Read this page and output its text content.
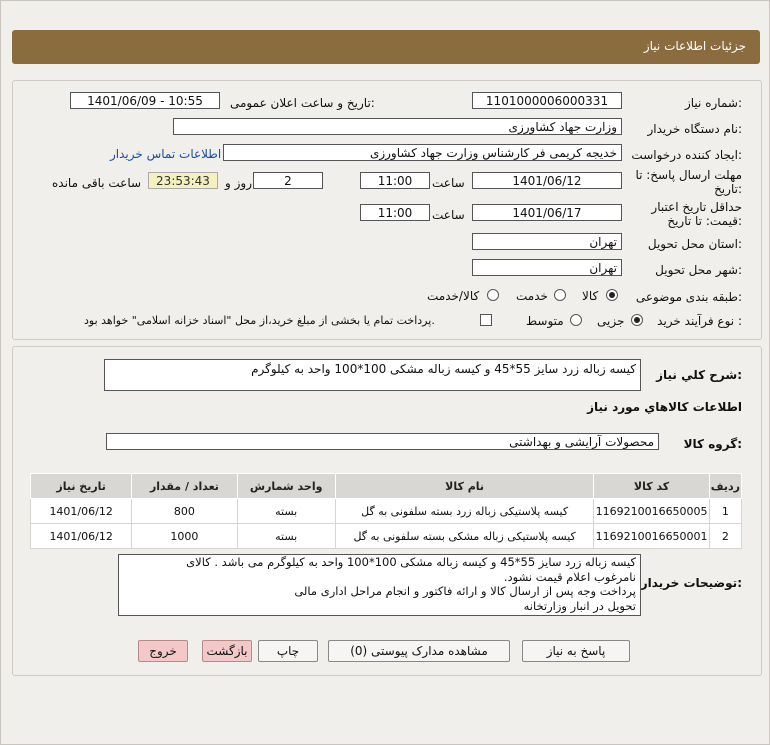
جزئیات اطلاعات نیاز
شماره نیاز:
1101000006000331
تاریخ و ساعت اعلان عمومی:
1401/06/09 - 10:55
نام دستگاه خریدار:
وزارت جهاد کشاورزی
ایجاد کننده درخواست:
خدیجه کریمی فر کارشناس وزارت جهاد کشاورزی
اطلاعات تماس خریدار
مهلت ارسال پاسخ: تا
تاریخ:
1401/06/12
ساعت
11:00
2
روز و
23:53:43
ساعت باقی مانده
حداقل تاریخ اعتبار
قیمت: تا تاریخ:
1401/06/17
ساعت
11:00
استان محل تحویل:
تهران
شهر محل تحویل:
تهران
طبقه بندی موضوعی:
کالا
خدمت
کالا/خدمت
نوع فرآیند خرید :
جزیی
متوسط
پرداخت تمام یا بخشی از مبلغ خرید،از محل "اسناد خزانه اسلامی" خواهد بود.
شرح کلي نياز:
کیسه زباله زرد سایز 55*45 و کیسه زباله مشکی 100*100 واحد به کیلوگرم
اطلاعات کالاهاي مورد نياز
گروه کالا:
محصولات آرایشی و بهداشتی
ردیف	کد کالا	نام کالا	واحد شمارش	تعداد / مقدار	تاریخ نیاز
1	1169210016650005	کیسه پلاستیکی زباله زرد بسته سلفونی به گل	بسته	800	1401/06/12
2	1169210016650001	کیسه پلاستیکی زباله مشکی بسته سلفونی به گل	بسته	1000	1401/06/12
توضیحات خریدار:
کیسه زباله زرد سایز 55*45 و کیسه زباله مشکی 100*100 واحد به کیلوگرم می باشد . کالای
نامرغوب اعلام قیمت نشود.
پرداخت وجه پس از ارسال کالا و ارائه فاکتور و انجام مراحل اداری مالی
تحویل در انبار وزارتخانه
پاسخ به نیاز
مشاهده مدارک پیوستی (0)
چاپ
بازگشت
خروج
